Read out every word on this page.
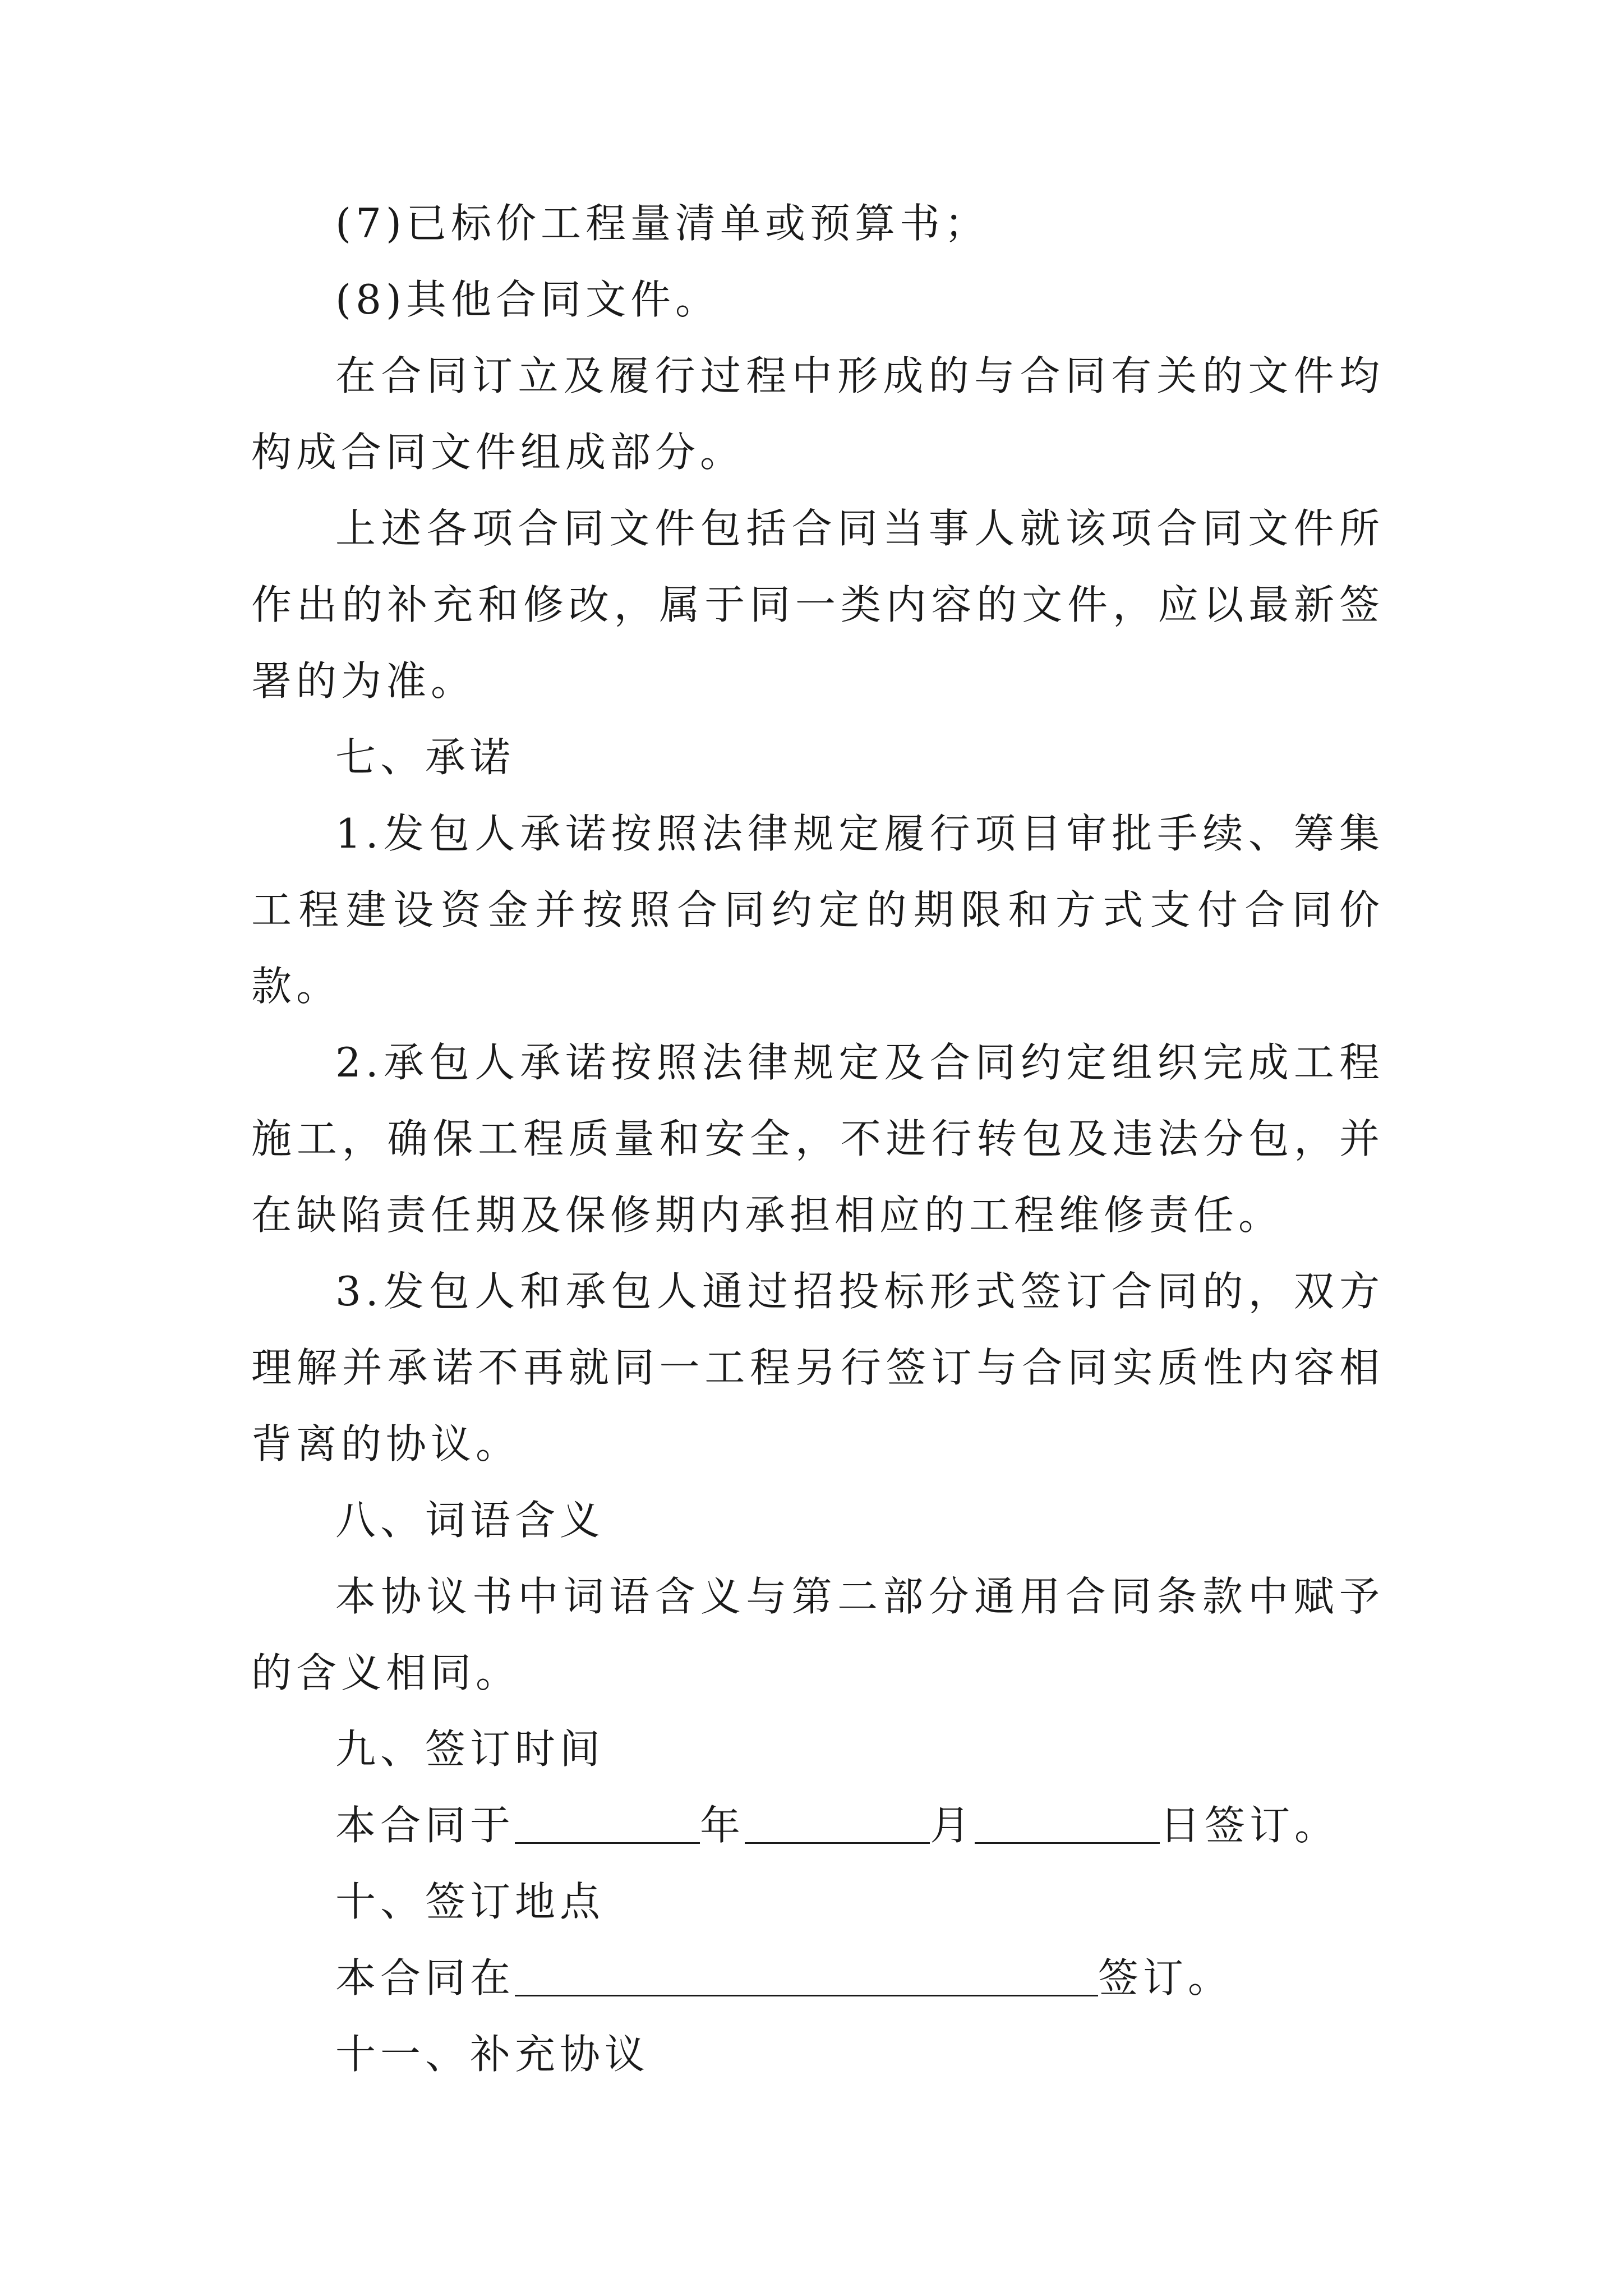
(7)已标价工程量清单或预算书；

(8)其他合同文件。

在合同订立及履行过程中形成的与合同有关的文件均构成合同文件组成部分。

上述各项合同文件包括合同当事人就该项合同文件所作出的补充和修改，属于同一类内容的文件，应以最新签署的为准。

七、承诺

1.发包人承诺按照法律规定履行项目审批手续、筹集工程建设资金并按照合同约定的期限和方式支付合同价款。

2.承包人承诺按照法律规定及合同约定组织完成工程施工，确保工程质量和安全，不进行转包及违法分包，并在缺陷责任期及保修期内承担相应的工程维修责任。

3.发包人和承包人通过招投标形式签订合同的，双方理解并承诺不再就同一工程另行签订与合同实质性内容相背离的协议。

八、词语含义

本协议书中词语含义与第二部分通用合同条款中赋予的含义相同。

九、签订时间

本合同于	年	月	日签订。

十、签订地点

本合同在	签订。

十一、补充协议
